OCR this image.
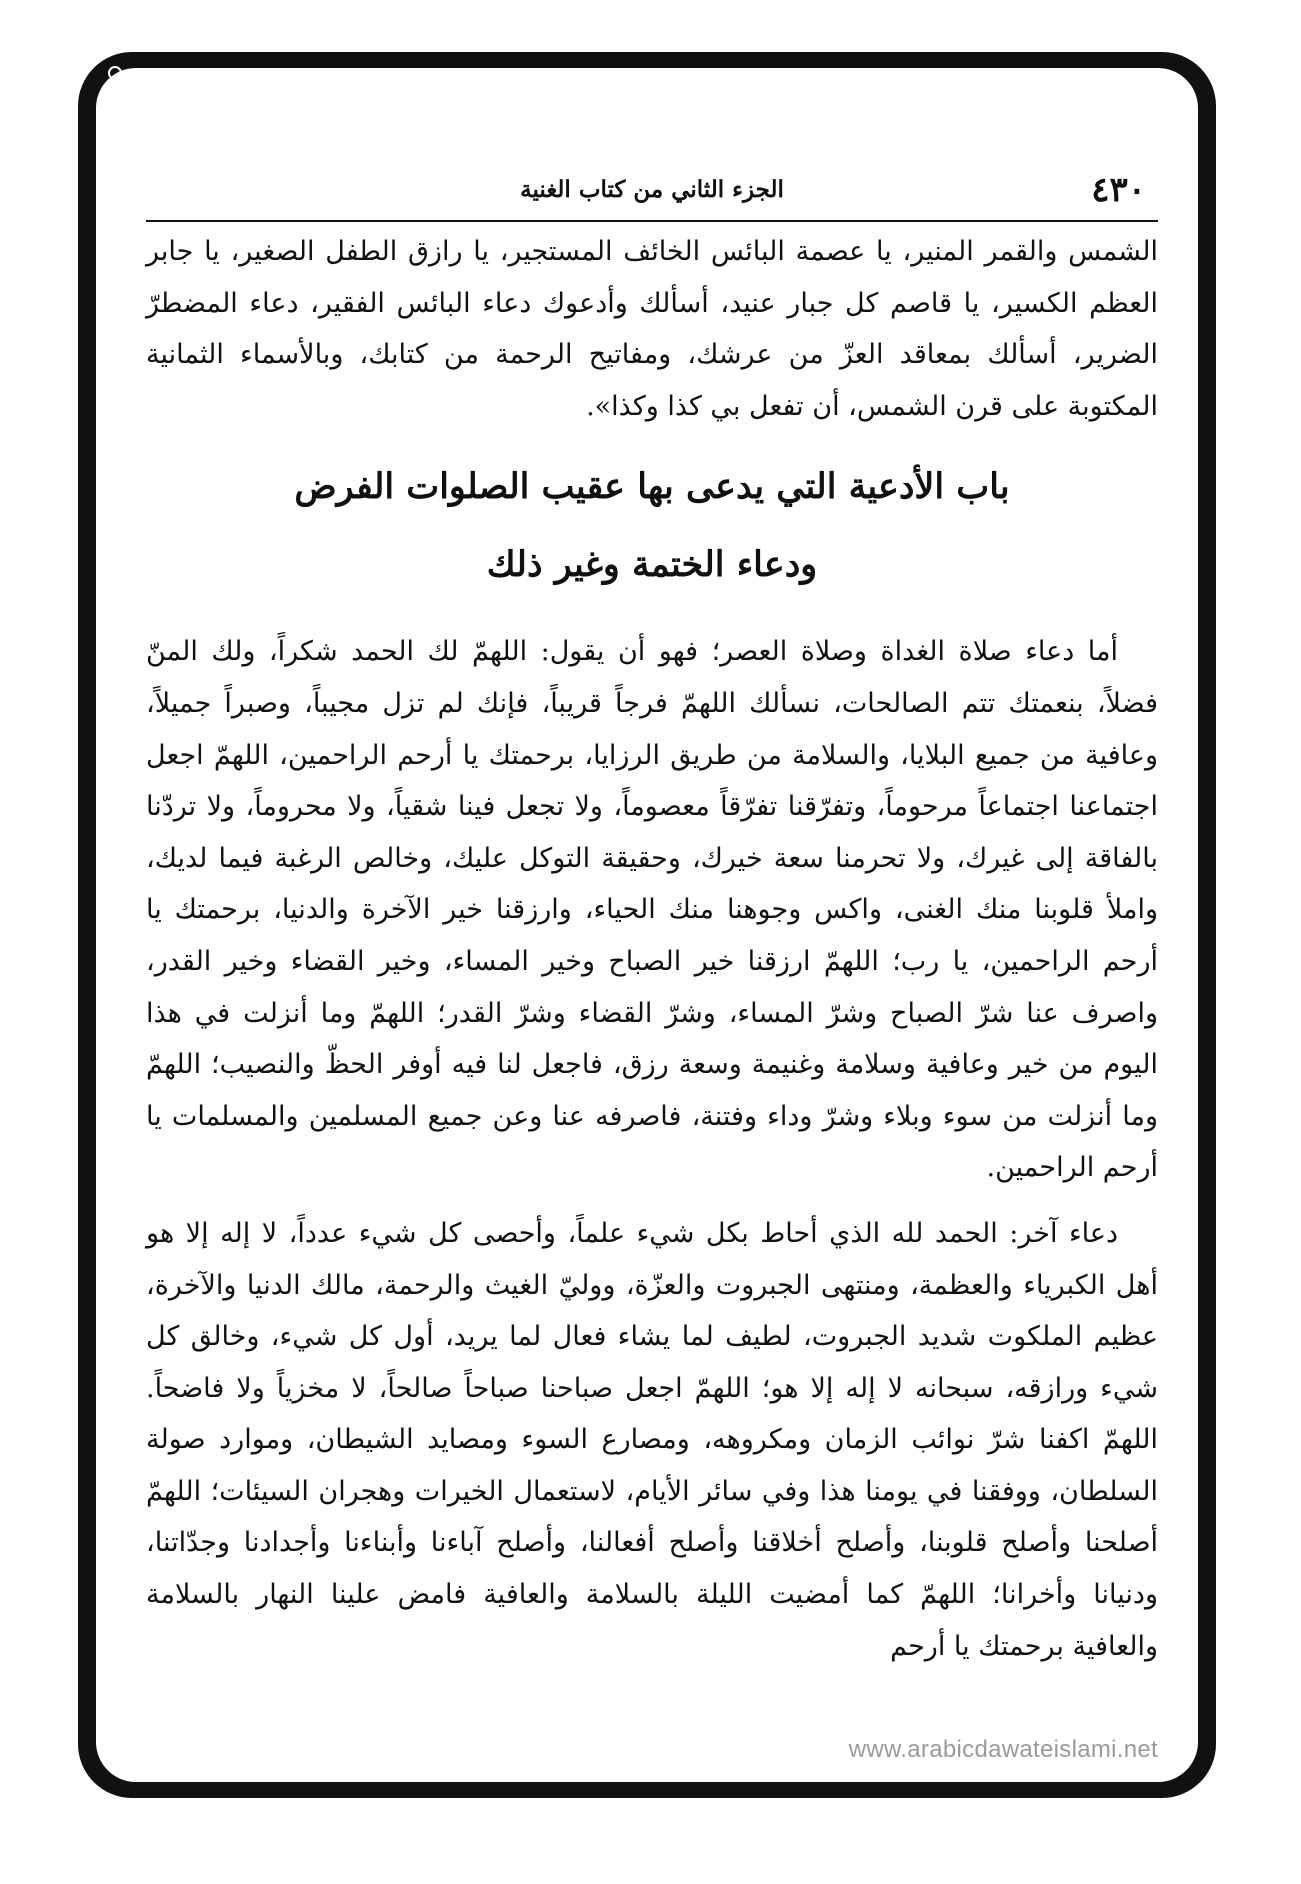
٤٣٠
الجزء الثاني من كتاب الغنية

الشمس والقمر المنير، يا عصمة البائس الخائف المستجير، يا رازق الطفل الصغير، يا جابر العظم الكسير، يا قاصم كل جبار عنيد، أسألك وأدعوك دعاء البائس الفقير، دعاء المضطرّ الضرير، أسألك بمعاقد العزّ من عرشك، ومفاتيح الرحمة من كتابك، وبالأسماء الثمانية المكتوبة على قرن الشمس، أن تفعل بي كذا وكذا».

باب الأدعية التي يدعى بها عقيب الصلوات الفرض
ودعاء الختمة وغير ذلك

أما دعاء صلاة الغداة وصلاة العصر؛ فهو أن يقول: اللهمّ لك الحمد شكراً، ولك المنّ فضلاً، بنعمتك تتم الصالحات، نسألك اللهمّ فرجاً قريباً، فإنك لم تزل مجيباً، وصبراً جميلاً، وعافية من جميع البلايا، والسلامة من طريق الرزايا، برحمتك يا أرحم الراحمين، اللهمّ اجعل اجتماعنا اجتماعاً مرحوماً، وتفرّقنا تفرّقاً معصوماً، ولا تجعل فينا شقياً، ولا محروماً، ولا تردّنا بالفاقة إلى غيرك، ولا تحرمنا سعة خيرك، وحقيقة التوكل عليك، وخالص الرغبة فيما لديك، واملأ قلوبنا منك الغنى، واكس وجوهنا منك الحياء، وارزقنا خير الآخرة والدنيا، برحمتك يا أرحم الراحمين، يا رب؛ اللهمّ ارزقنا خير الصباح وخير المساء، وخير القضاء وخير القدر، واصرف عنا شرّ الصباح وشرّ المساء، وشرّ القضاء وشرّ القدر؛ اللهمّ وما أنزلت في هذا اليوم من خير وعافية وسلامة وغنيمة وسعة رزق، فاجعل لنا فيه أوفر الحظّ والنصيب؛ اللهمّ وما أنزلت من سوء وبلاء وشرّ وداء وفتنة، فاصرفه عنا وعن جميع المسلمين والمسلمات يا أرحم الراحمين.

دعاء آخر: الحمد لله الذي أحاط بكل شيء علماً، وأحصى كل شيء عدداً، لا إله إلا هو أهل الكبرياء والعظمة، ومنتهى الجبروت والعزّة، ووليّ الغيث والرحمة، مالك الدنيا والآخرة، عظيم الملكوت شديد الجبروت، لطيف لما يشاء فعال لما يريد، أول كل شيء، وخالق كل شيء ورازقه، سبحانه لا إله إلا هو؛ اللهمّ اجعل صباحنا صباحاً صالحاً، لا مخزياً ولا فاضحاً. اللهمّ اكفنا شرّ نوائب الزمان ومكروهه، ومصارع السوء ومصايد الشيطان، وموارد صولة السلطان، ووفقنا في يومنا هذا وفي سائر الأيام، لاستعمال الخيرات وهجران السيئات؛ اللهمّ أصلحنا وأصلح قلوبنا، وأصلح أخلاقنا وأصلح أفعالنا، وأصلح آباءنا وأبناءنا وأجدادنا وجدّاتنا، ودنيانا وأخرانا؛ اللهمّ كما أمضيت الليلة بالسلامة والعافية فامض علينا النهار بالسلامة والعافية برحمتك يا أرحم

www.arabicdawateislami.net
